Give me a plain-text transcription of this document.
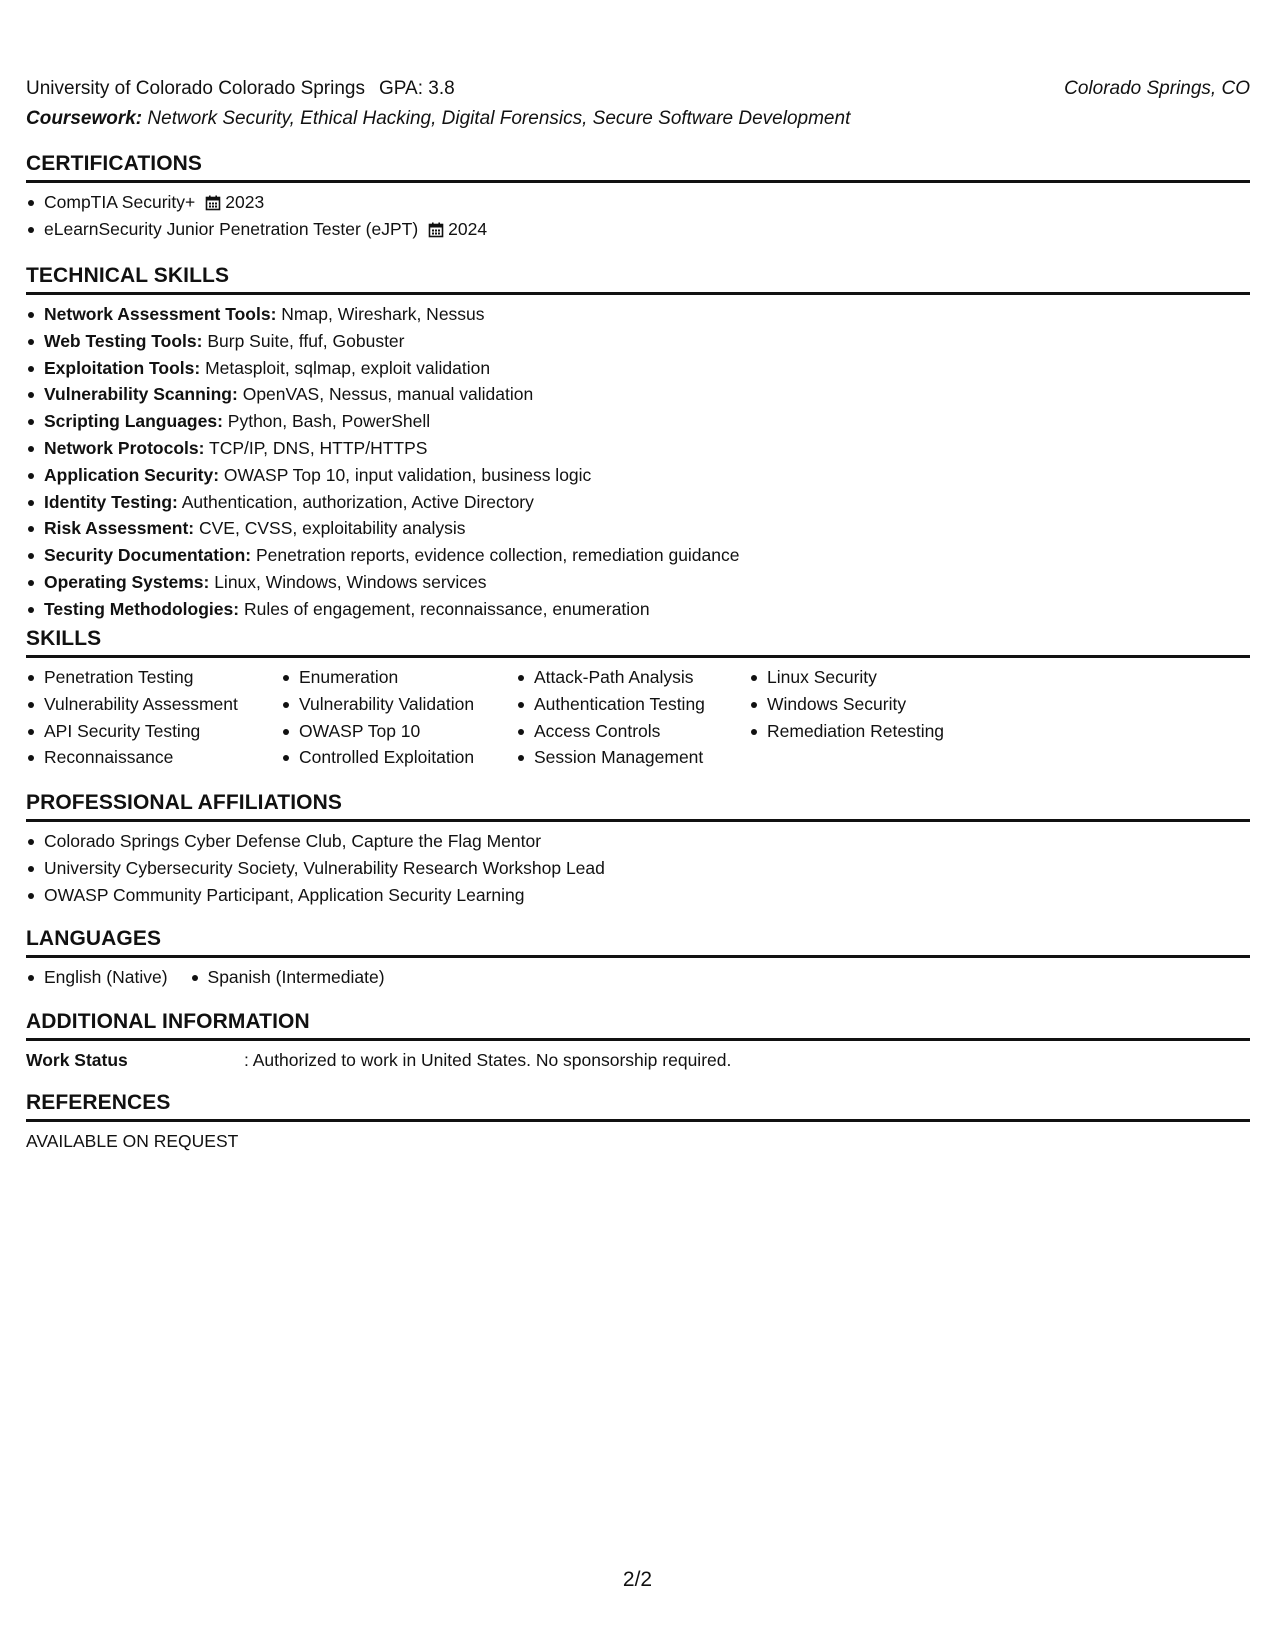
University of Colorado Colorado Springs GPA: 3.8	Colorado Springs, CO
Coursework: Network Security, Ethical Hacking, Digital Forensics, Secure Software Development
CERTIFICATIONS
CompTIA Security+ 2023
eLearnSecurity Junior Penetration Tester (eJPT) 2024
TECHNICAL SKILLS
Network Assessment Tools: Nmap, Wireshark, Nessus
Web Testing Tools: Burp Suite, ffuf, Gobuster
Exploitation Tools: Metasploit, sqlmap, exploit validation
Vulnerability Scanning: OpenVAS, Nessus, manual validation
Scripting Languages: Python, Bash, PowerShell
Network Protocols: TCP/IP, DNS, HTTP/HTTPS
Application Security: OWASP Top 10, input validation, business logic
Identity Testing: Authentication, authorization, Active Directory
Risk Assessment: CVE, CVSS, exploitability analysis
Security Documentation: Penetration reports, evidence collection, remediation guidance
Operating Systems: Linux, Windows, Windows services
Testing Methodologies: Rules of engagement, reconnaissance, enumeration
SKILLS
Penetration Testing
Vulnerability Assessment
API Security Testing
Reconnaissance
Enumeration
Vulnerability Validation
OWASP Top 10
Controlled Exploitation
Attack-Path Analysis
Authentication Testing
Access Controls
Session Management
Linux Security
Windows Security
Remediation Retesting
PROFESSIONAL AFFILIATIONS
Colorado Springs Cyber Defense Club, Capture the Flag Mentor
University Cybersecurity Society, Vulnerability Research Workshop Lead
OWASP Community Participant, Application Security Learning
LANGUAGES
English (Native)	Spanish (Intermediate)
ADDITIONAL INFORMATION
Work Status	: Authorized to work in United States. No sponsorship required.
REFERENCES
AVAILABLE ON REQUEST
2/2
